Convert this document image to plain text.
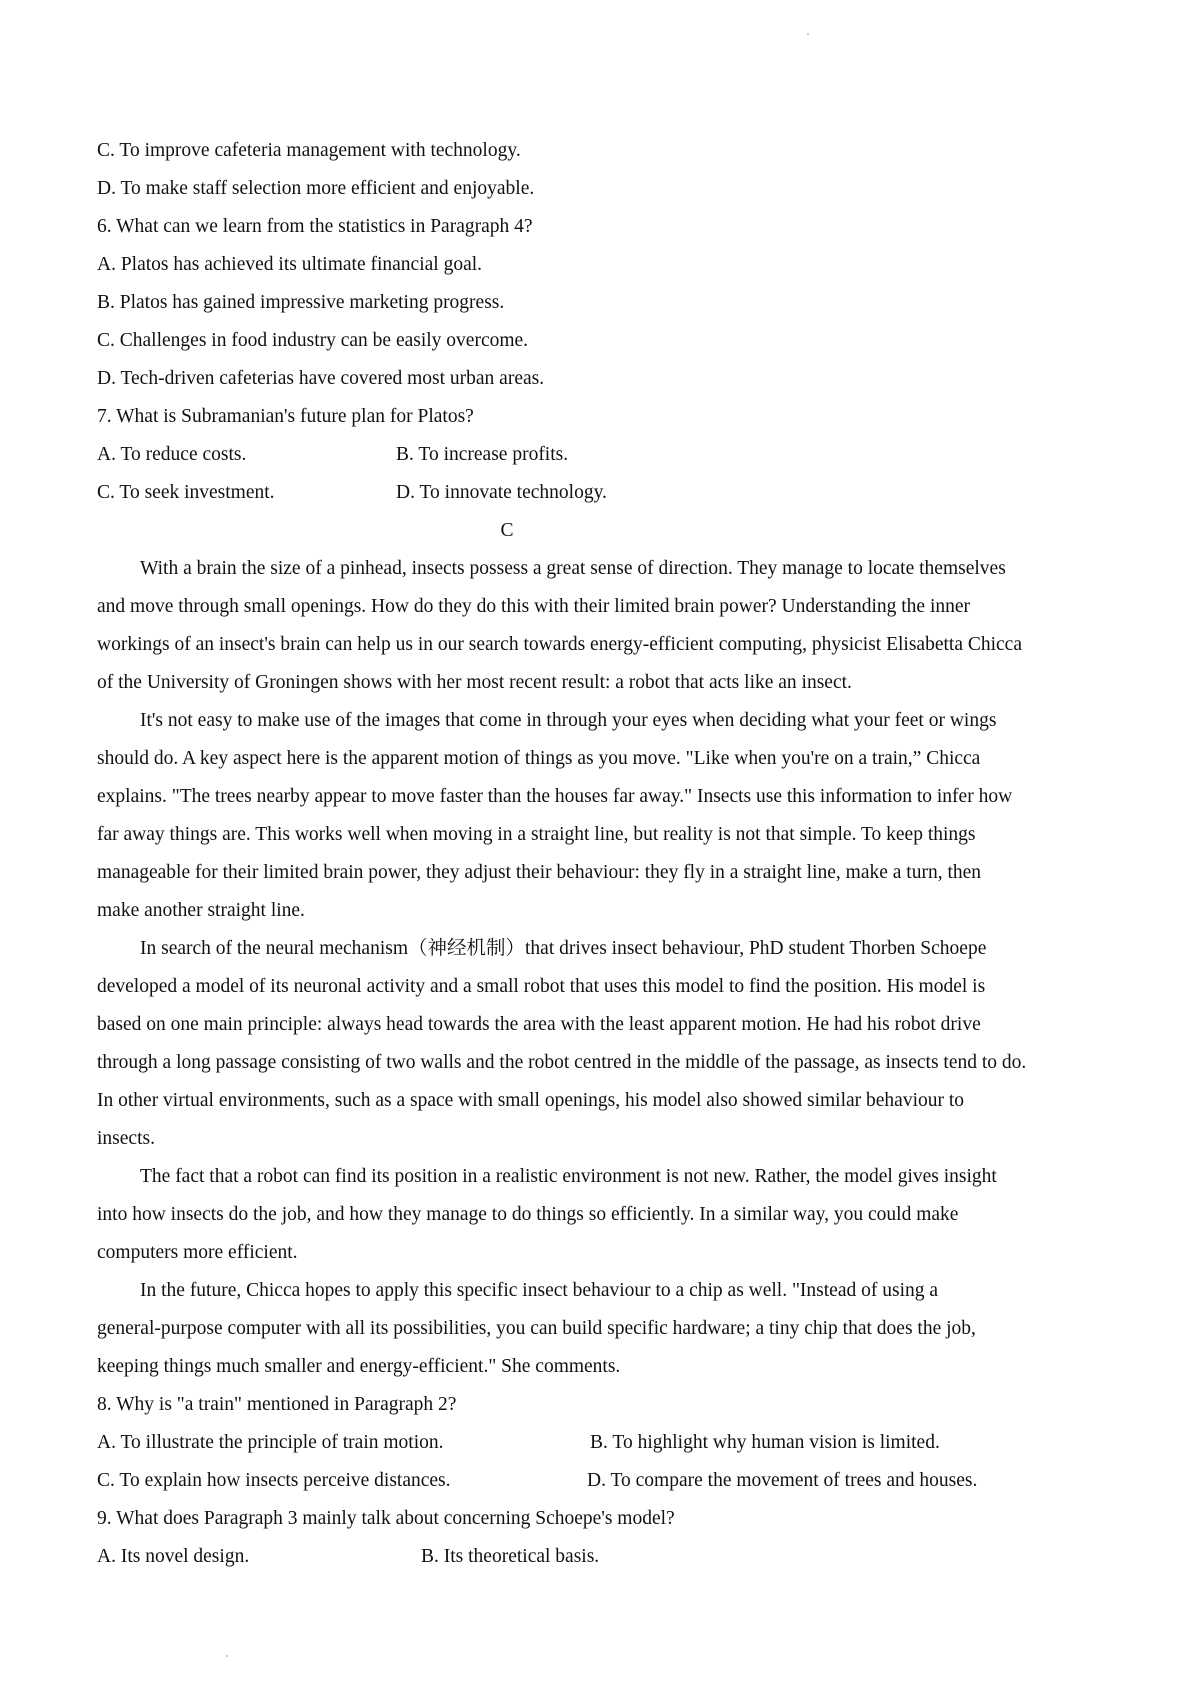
C. To improve cafeteria management with technology.
D. To make staff selection more efficient and enjoyable.
6. What can we learn from the statistics in Paragraph 4?
A. Platos has achieved its ultimate financial goal.
B. Platos has gained impressive marketing progress.
C. Challenges in food industry can be easily overcome.
D. Tech-driven cafeterias have covered most urban areas.
7. What is Subramanian's future plan for Platos?
A. To reduce costs.	B. To increase profits.
C. To seek investment.	D. To innovate technology.
C
With a brain the size of a pinhead, insects possess a great sense of direction. They manage to locate themselves
and move through small openings. How do they do this with their limited brain power? Understanding the inner
workings of an insect's brain can help us in our search towards energy-efficient computing, physicist Elisabetta Chicca
of the University of Groningen shows with her most recent result: a robot that acts like an insect.
It's not easy to make use of the images that come in through your eyes when deciding what your feet or wings
should do. A key aspect here is the apparent motion of things as you move. "Like when you're on a train,” Chicca
explains. "The trees nearby appear to move faster than the houses far away." Insects use this information to infer how
far away things are. This works well when moving in a straight line, but reality is not that simple. To keep things
manageable for their limited brain power, they adjust their behaviour: they fly in a straight line, make a turn, then
make another straight line.
In search of the neural mechanism（神经机制）that drives insect behaviour, PhD student Thorben Schoepe
developed a model of its neuronal activity and a small robot that uses this model to find the position. His model is
based on one main principle: always head towards the area with the least apparent motion. He had his robot drive
through a long passage consisting of two walls and the robot centred in the middle of the passage, as insects tend to do.
In other virtual environments, such as a space with small openings, his model also showed similar behaviour to
insects.
The fact that a robot can find its position in a realistic environment is not new. Rather, the model gives insight
into how insects do the job, and how they manage to do things so efficiently. In a similar way, you could make
computers more efficient.
In the future, Chicca hopes to apply this specific insect behaviour to a chip as well. "Instead of using a
general-purpose computer with all its possibilities, you can build specific hardware; a tiny chip that does the job,
keeping things much smaller and energy-efficient." She comments.
8. Why is "a train" mentioned in Paragraph 2?
A. To illustrate the principle of train motion.	B. To highlight why human vision is limited.
C. To explain how insects perceive distances.	D. To compare the movement of trees and houses.
9. What does Paragraph 3 mainly talk about concerning Schoepe's model?
A. Its novel design.	B. Its theoretical basis.
